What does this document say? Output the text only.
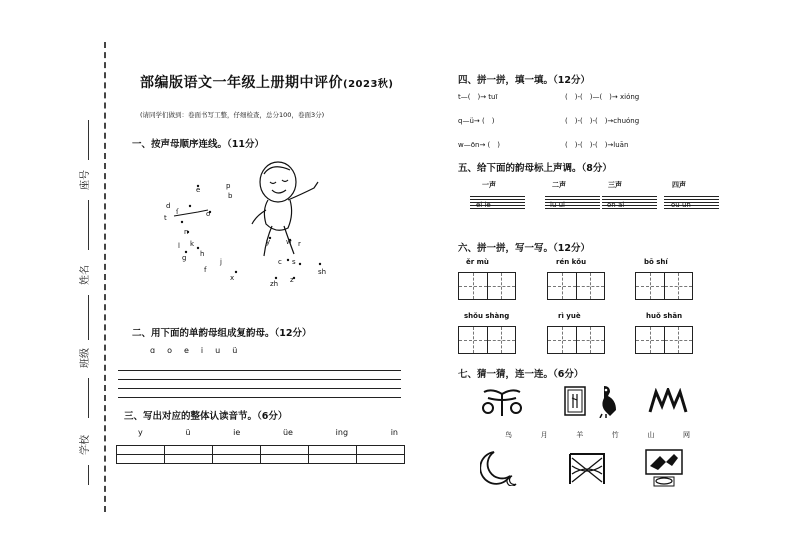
座号
姓名
班级
学校
部编版语文一年级上册期中评价(2023秋)
(请同学们做到：卷面书写工整，仔细检查，总分100，卷面3分)
一、按声母顺序连线。（11分）
e	p
b
d
ſ
t	o
n
l k
h
g
y w
c s
sh
f
x
zh z
j
r
二、用下面的单韵母组成复韵母。（12分）
ɑ o e i u ü
三、写出对应的整体认读音节。（6分）
y	ü	ie	üe	ing	in

四、拼一拼，填一填。（12分）
t—(　)→ tuī	(　)-(　)—(　)→ xióng
q—ü→ (　)	(　)-(　)-(　)→chuóng
w—ōn→ (　)	(　)-(　)-(　)→luān
五、给下面的韵母标上声调。（8分）
一声	二声	三声	四声
ei ie	iu ui	ōn ai	ou un
六、拼一拼，写一写。（12分）
ěr mù	rén kǒu	bō shí
shǒu shàng	rì yuè	huǒ shān
七、猜一猜，连一连。（6分）
鸟	月	羊	竹	山	网
